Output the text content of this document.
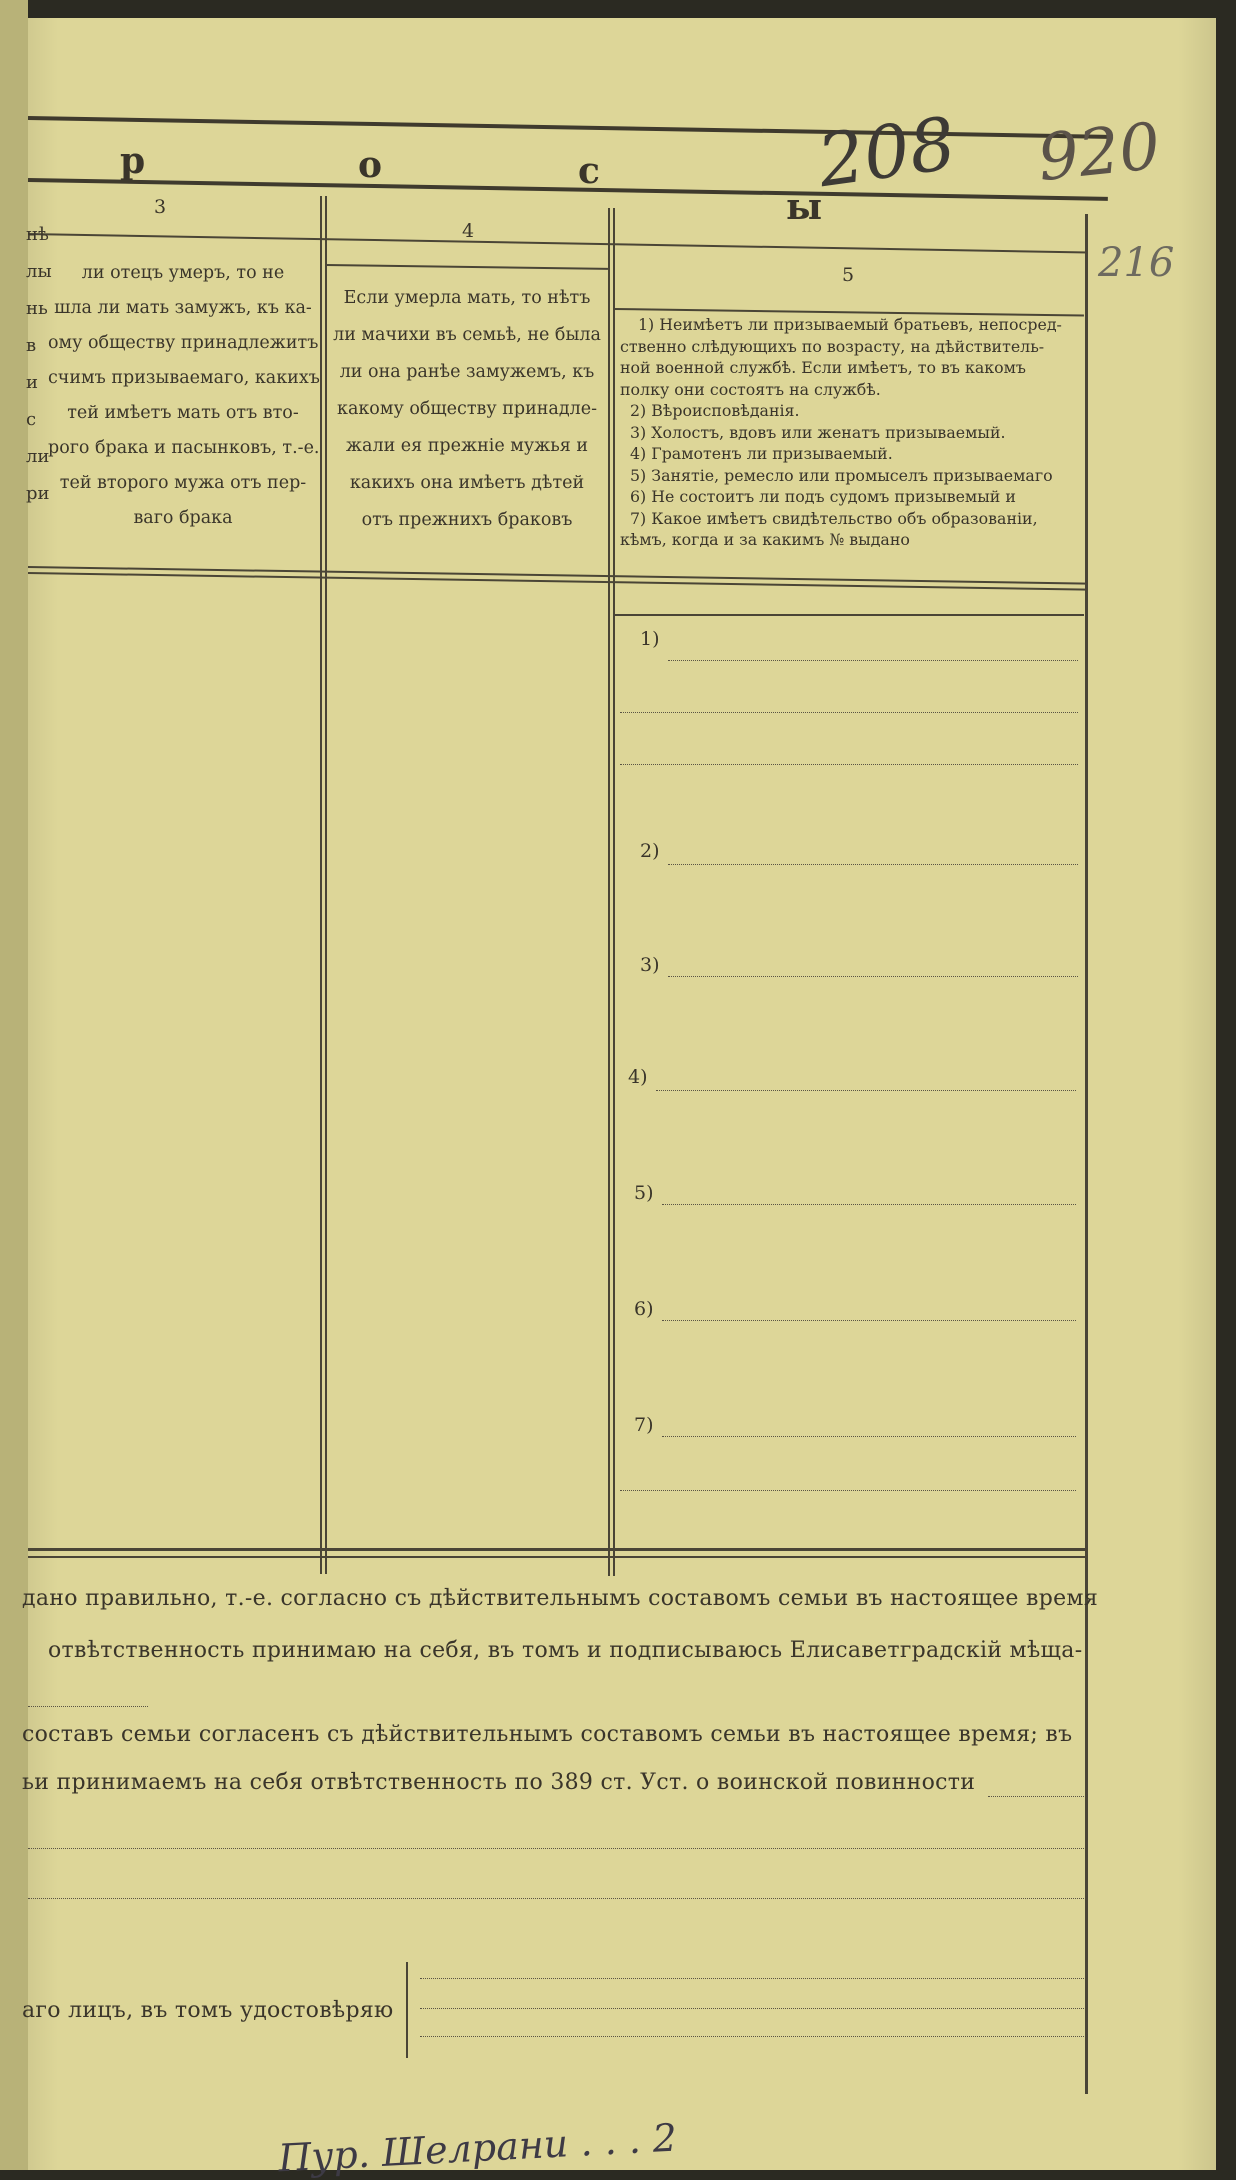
р	о	с
ы
208 920
216
3
4
5
нѣ
лы
нь
в
и
с
ли
ри
ли отецъ умеръ, то не
шла ли мать замужъ, къ ка-
ому обществу принадлежитъ
счимъ призываемаго, какихъ
тей имѣетъ мать отъ вто-
рого брака и пасынковъ, т.-е.
тей второго мужа отъ пер-
ваго брака
Если умерла мать, то нѣтъ
ли мачихи въ семьѣ, не была
ли она ранѣе замужемъ, къ
какому обществу принадле-
жали ея прежніе мужья и
какихъ она имѣетъ дѣтей
отъ прежнихъ браковъ
1) Неимѣетъ ли призываемый братьевъ, непосред-
ственно слѣдующихъ по возрасту, на дѣйствитель-
ной военной службѣ. Если имѣетъ, то въ какомъ
полку они состоятъ на службѣ.
2) Вѣроисповѣданія.
3) Холостъ, вдовъ или женатъ призываемый.
4) Грамотенъ ли призываемый.
5) Занятіе, ремесло или промыселъ призываемаго
6) Не состоитъ ли подъ судомъ призывемый и
7) Какое имѣетъ свидѣтельство объ образованіи,
кѣмъ, когда и за какимъ № выдано
1)
2)
3)
4)
5)
6)
7)
дано правильно, т.-е. согласно съ дѣйствительнымъ составомъ семьи въ настоящее время
отвѣтственность принимаю на себя, въ томъ и подписываюсь Елисаветградскій мѣща-
составъ семьи согласенъ съ дѣйствительнымъ составомъ семьи въ настоящее время; въ
ьи принимаемъ на себя отвѣтственность по 389 ст. Уст. о воинской повинности
аго лицъ, въ томъ удостовѣряю
Пур. Шелрани . . . 2
